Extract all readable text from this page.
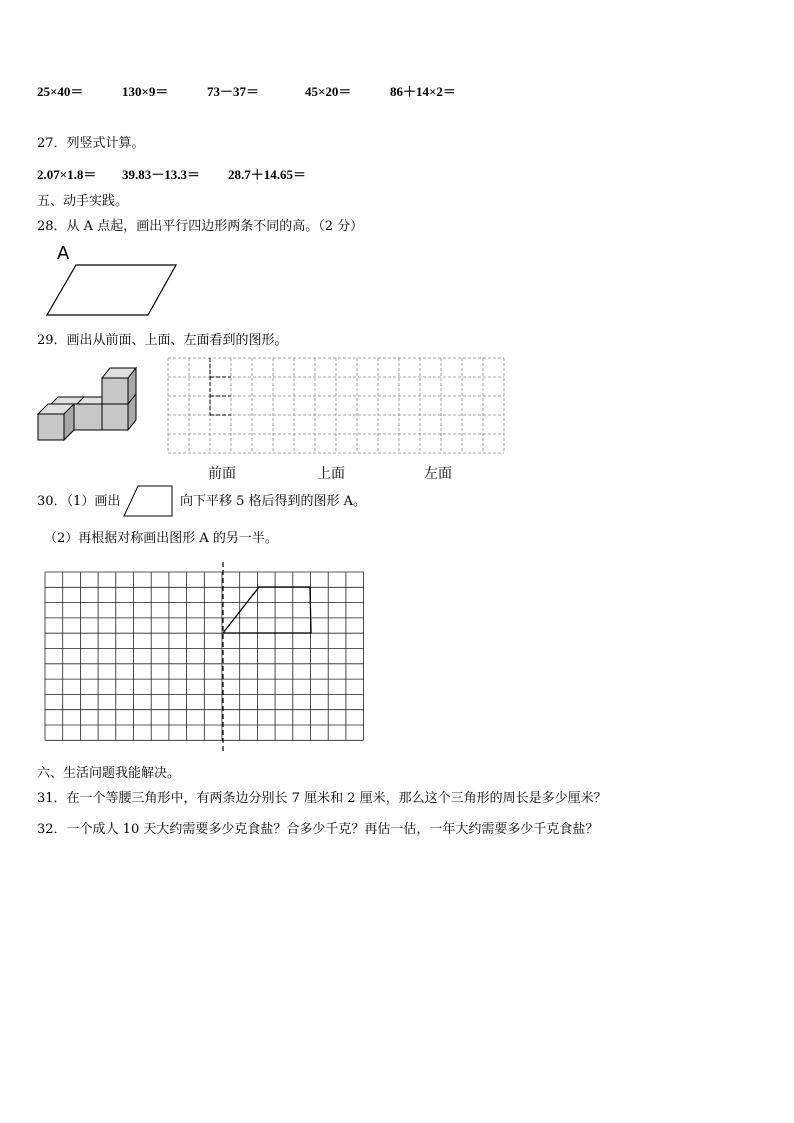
25×40＝	130×9＝	73－37＝	45×20＝	86＋14×2＝
27．列竖式计算。
2.07×1.8＝ 39.83－13.3＝ 28.7＋14.65＝
五、动手实践。
28．从 A 点起，画出平行四边形两条不同的高。（2 分）
A
29．画出从前面、上面、左面看到的图形。
前面	上面	左面
30．（1）画出	向下平移 5 格后得到的图形 A。
（2）再根据对称画出图形 A 的另一半。
六、生活问题我能解决。
31．在一个等腰三角形中，有两条边分别长 7 厘米和 2 厘米，那么这个三角形的周长是多少厘米？
32．一个成人 10 天大约需要多少克食盐？合多少千克？再估一估，一年大约需要多少千克食盐？
